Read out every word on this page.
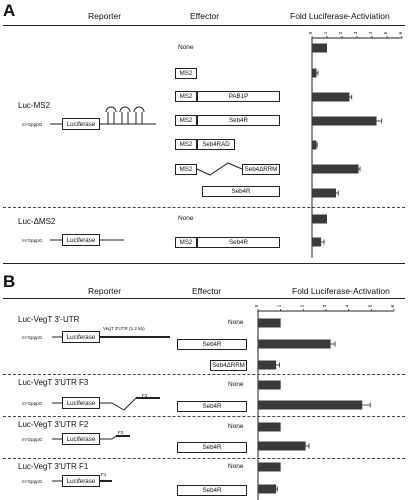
A	Reporter	Effector	Fold Luciferase-Activiation
Luc-MS2
m⁷GpppG	Luciferase
Luc-ΔMS2
m⁷GpppG	Luciferase
None
MS2
MS2	PAB1P
MS2	Seb4R
MS2	Seb4RAD
MS2	Seb4ΔRRM
Seb4R
None
MS2	Seb4R
B	Reporter	Effector	Fold Luciferase-Activation
Luc-VegT 3'-UTR
m⁷GpppG	Luciferase
VegT 3'UTR (1.2 kb)
Luc-VegT 3'UTR F3
m⁷GpppG	Luciferase
F3
Luc-VegT 3'UTR F2
m⁷GpppG	Luciferase
F2
Luc-VegT 3'UTR F1
m⁷GpppG	Luciferase
F1
None
Seb4R
Seb4ΔRRM
None
Seb4R
None
Seb4R
None
Seb4R
0 1 2 3 4 5 6
0	1	2	3	4	5	6
